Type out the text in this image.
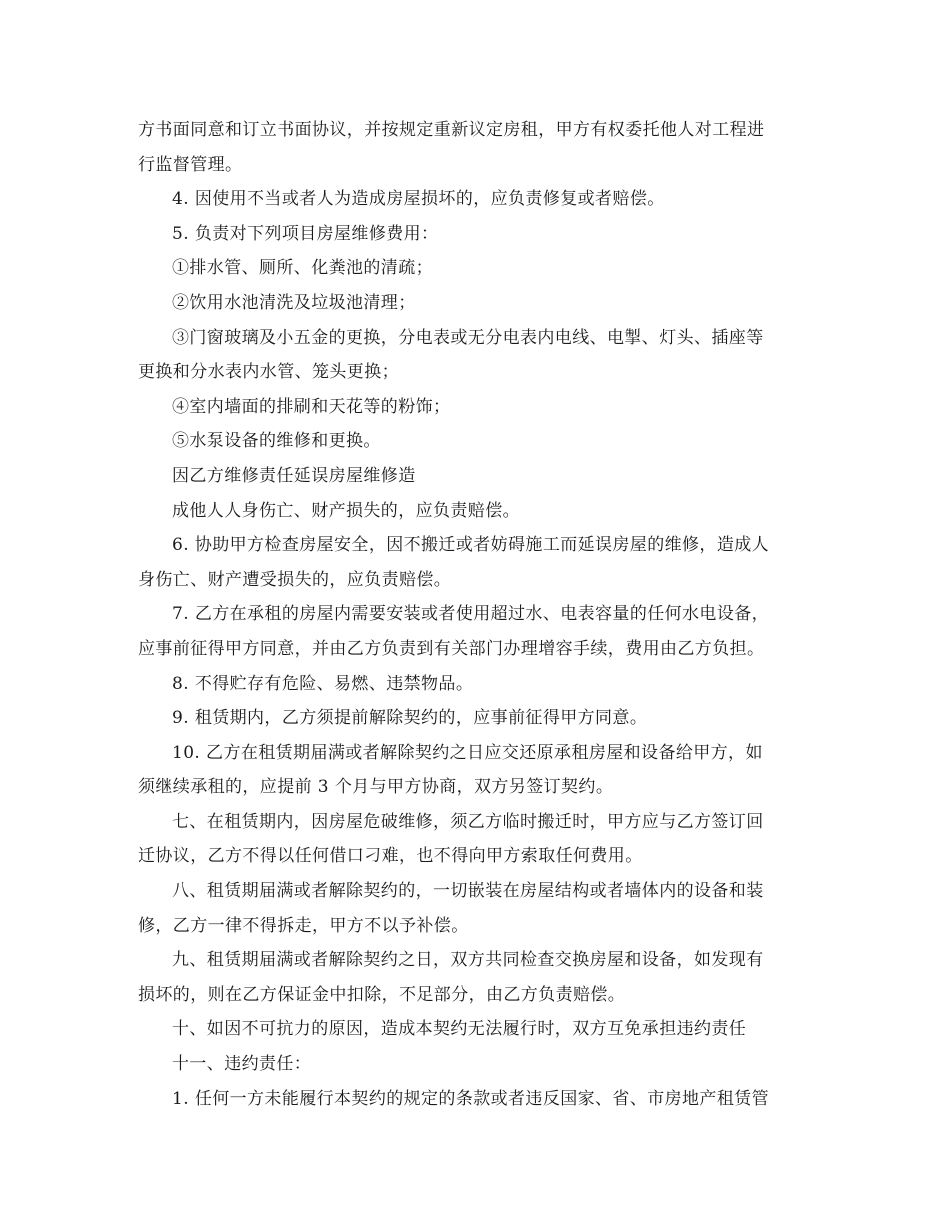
方书面同意和订立书面协议，并按规定重新议定房租，甲方有权委托他人对工程进
行监督管理。
4. 因使用不当或者人为造成房屋损坏的，应负责修复或者赔偿。
5. 负责对下列项目房屋维修费用：
①排水管、厕所、化粪池的清疏；
②饮用水池清洗及垃圾池清理；
③门窗玻璃及小五金的更换，分电表或无分电表内电线、电掣、灯头、插座等
更换和分水表内水管、笼头更换；
④室内墙面的排刷和天花等的粉饰；
⑤水泵设备的维修和更换。
因乙方维修责任延误房屋维修造
成他人人身伤亡、财产损失的，应负责赔偿。
6. 协助甲方检查房屋安全，因不搬迁或者妨碍施工而延误房屋的维修，造成人
身伤亡、财产遭受损失的，应负责赔偿。
7. 乙方在承租的房屋内需要安装或者使用超过水、电表容量的任何水电设备，
应事前征得甲方同意，并由乙方负责到有关部门办理增容手续，费用由乙方负担。
8. 不得贮存有危险、易燃、违禁物品。
9. 租赁期内，乙方须提前解除契约的，应事前征得甲方同意。
10. 乙方在租赁期届满或者解除契约之日应交还原承租房屋和设备给甲方，如
须继续承租的，应提前 3 个月与甲方协商，双方另签订契约。
七、在租赁期内，因房屋危破维修，须乙方临时搬迁时，甲方应与乙方签订回
迁协议，乙方不得以任何借口刁难，也不得向甲方索取任何费用。
八、租赁期届满或者解除契约的，一切嵌装在房屋结构或者墙体内的设备和装
修，乙方一律不得拆走，甲方不以予补偿。
九、租赁期届满或者解除契约之日，双方共同检查交换房屋和设备，如发现有
损坏的，则在乙方保证金中扣除，不足部分，由乙方负责赔偿。
十、如因不可抗力的原因，造成本契约无法履行时，双方互免承担违约责任
十一、违约责任：
1. 任何一方未能履行本契约的规定的条款或者违反国家、省、市房地产租赁管
